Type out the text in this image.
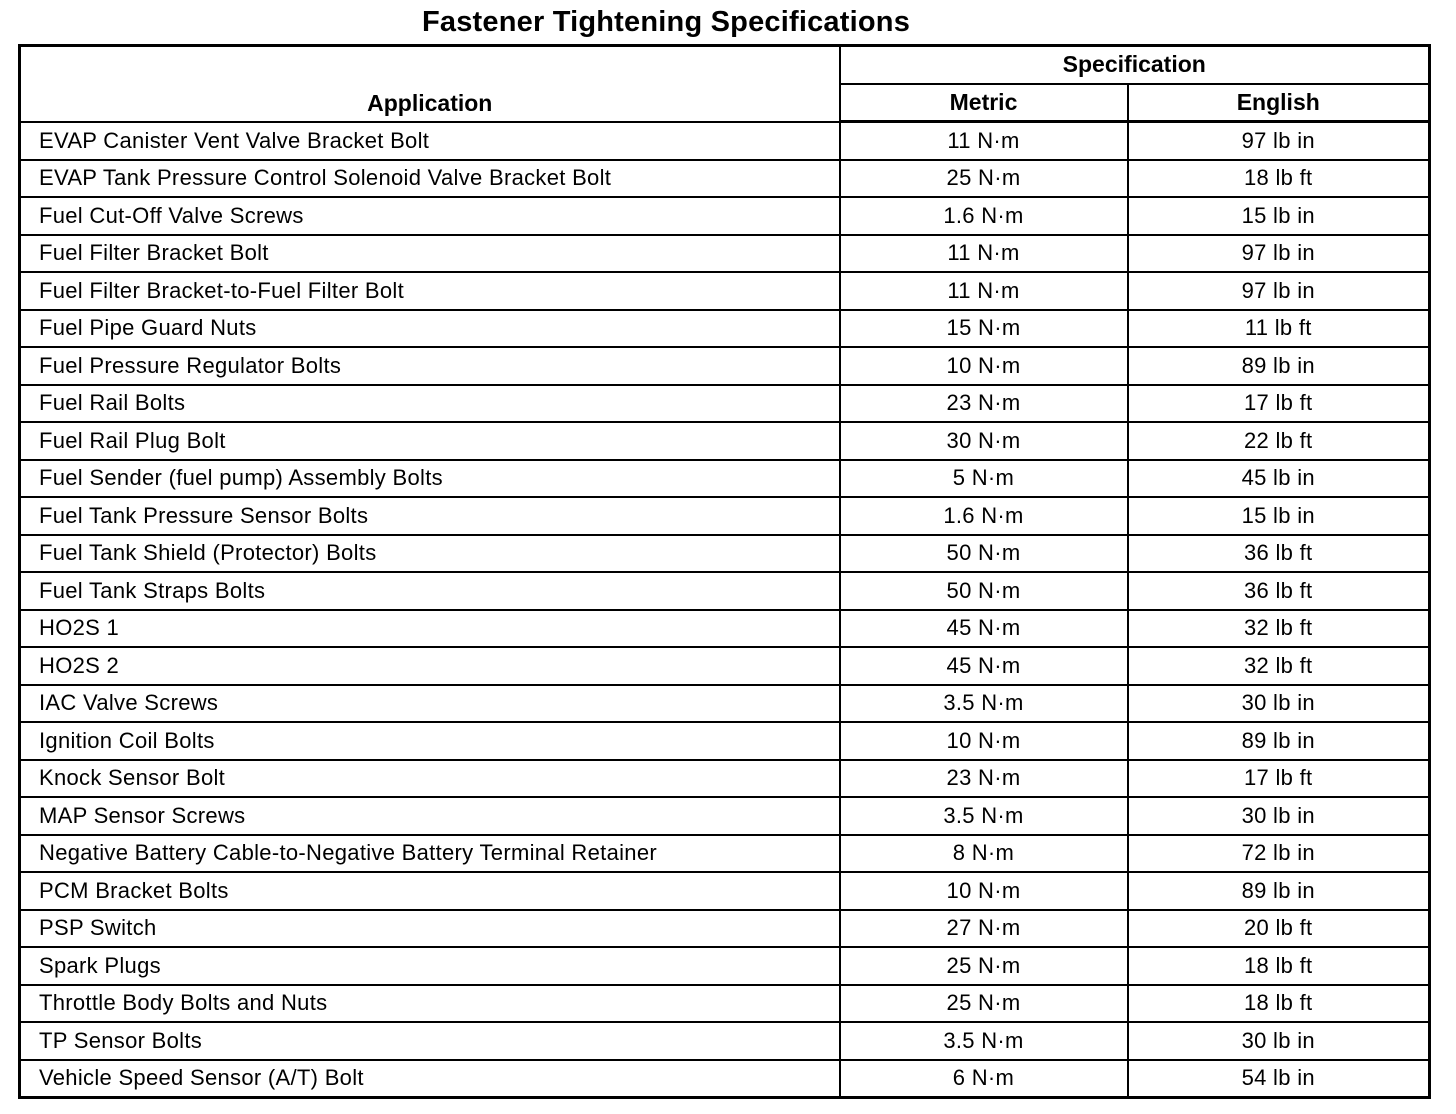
Fastener Tightening Specifications
Application	Specification	
	Metric	English
EVAP Canister Vent Valve Bracket Bolt	11 N·m	97 lb in
EVAP Tank Pressure Control Solenoid Valve Bracket Bolt	25 N·m	18 lb ft
Fuel Cut-Off Valve Screws	1.6 N·m	15 lb in
Fuel Filter Bracket Bolt	11 N·m	97 lb in
Fuel Filter Bracket-to-Fuel Filter Bolt	11 N·m	97 lb in
Fuel Pipe Guard Nuts	15 N·m	11 lb ft
Fuel Pressure Regulator Bolts	10 N·m	89 lb in
Fuel Rail Bolts	23 N·m	17 lb ft
Fuel Rail Plug Bolt	30 N·m	22 lb ft
Fuel Sender (fuel pump) Assembly Bolts	5 N·m	45 lb in
Fuel Tank Pressure Sensor Bolts	1.6 N·m	15 lb in
Fuel Tank Shield (Protector) Bolts	50 N·m	36 lb ft
Fuel Tank Straps Bolts	50 N·m	36 lb ft
HO2S 1	45 N·m	32 lb ft
HO2S 2	45 N·m	32 lb ft
IAC Valve Screws	3.5 N·m	30 lb in
Ignition Coil Bolts	10 N·m	89 lb in
Knock Sensor Bolt	23 N·m	17 lb ft
MAP Sensor Screws	3.5 N·m	30 lb in
Negative Battery Cable-to-Negative Battery Terminal Retainer	8 N·m	72 lb in
PCM Bracket Bolts	10 N·m	89 lb in
PSP Switch	27 N·m	20 lb ft
Spark Plugs	25 N·m	18 lb ft
Throttle Body Bolts and Nuts	25 N·m	18 lb ft
TP Sensor Bolts	3.5 N·m	30 lb in
Vehicle Speed Sensor (A/T) Bolt	6 N·m	54 lb in
